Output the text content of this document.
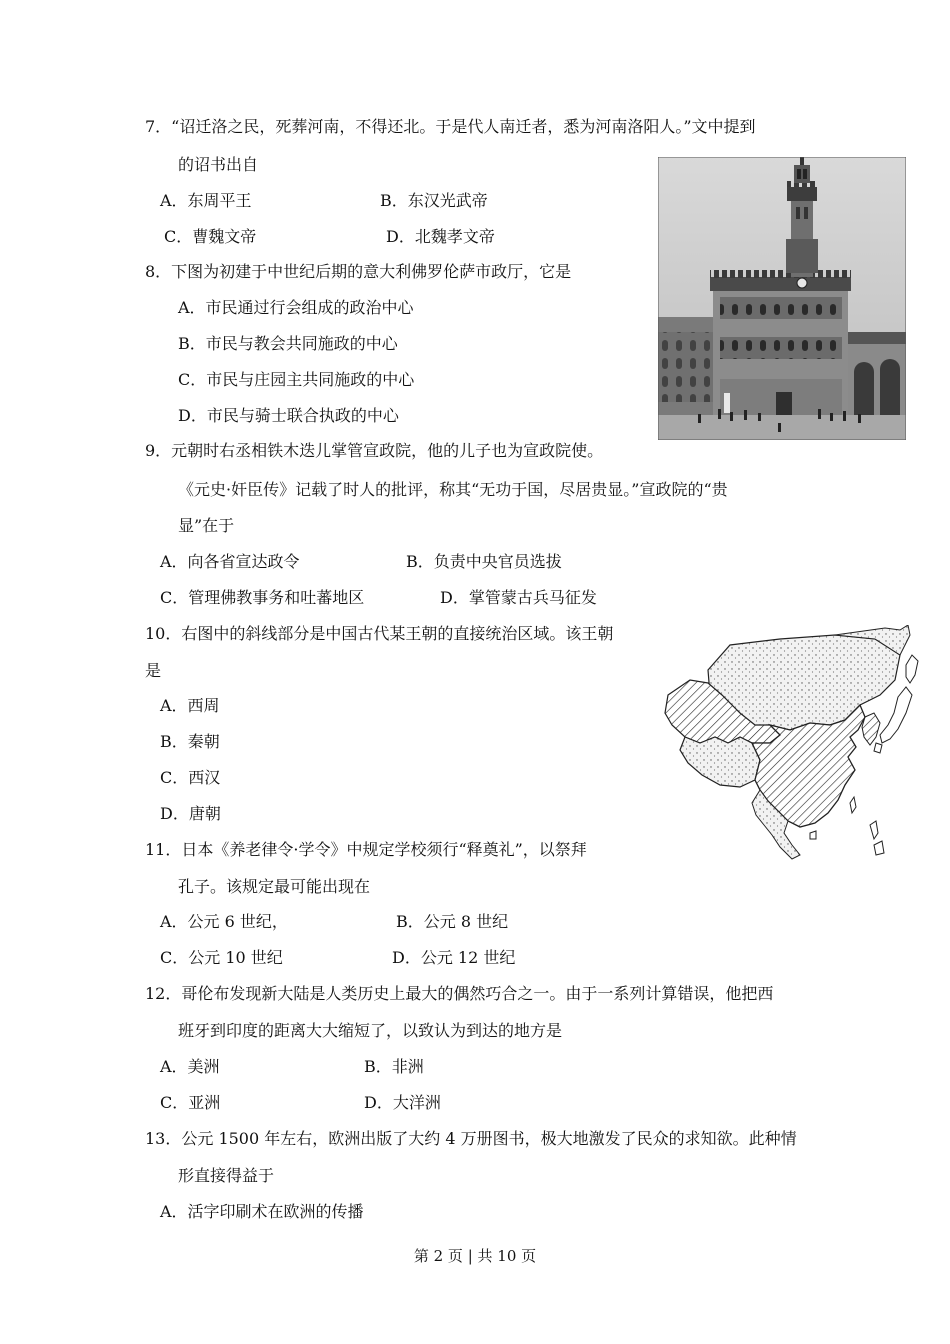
7．“诏迁洛之民，死葬河南，不得还北。于是代人南迁者，悉为河南洛阳人。”文中提到
的诏书出自
A．东周平王	B．东汉光武帝
C．曹魏文帝	D．北魏孝文帝
8．下图为初建于中世纪后期的意大利佛罗伦萨市政厅，它是
A．市民通过行会组成的政治中心
B．市民与教会共同施政的中心
C．市民与庄园主共同施政的中心
D．市民与骑士联合执政的中心
9．元朝时右丞相铁木迭儿掌管宣政院，他的儿子也为宣政院使。
《元史·奸臣传》记载了时人的批评，称其“无功于国，尽居贵显。”宣政院的“贵
显”在于
A．向各省宣达政令	B．负责中央官员选拔
C．管理佛教事务和吐蕃地区	D．掌管蒙古兵马征发
10．右图中的斜线部分是中国古代某王朝的直接统治区域。该王朝
是
A．西周
B．秦朝
C．西汉
D．唐朝
11．日本《养老律令·学令》中规定学校须行“释奠礼”，以祭拜
孔子。该规定最可能出现在
A．公元 6 世纪，	B．公元 8 世纪
C．公元 10 世纪	D．公元 12 世纪
12．哥伦布发现新大陆是人类历史上最大的偶然巧合之一。由于一系列计算错误，他把西
班牙到印度的距离大大缩短了，以致认为到达的地方是
A．美洲	B．非洲
C．亚洲	D．大洋洲
13．公元 1500 年左右，欧洲出版了大约 4 万册图书，极大地激发了民众的求知欲。此种情
形直接得益于
A．活字印刷术在欧洲的传播
第 2 页 | 共 10 页
